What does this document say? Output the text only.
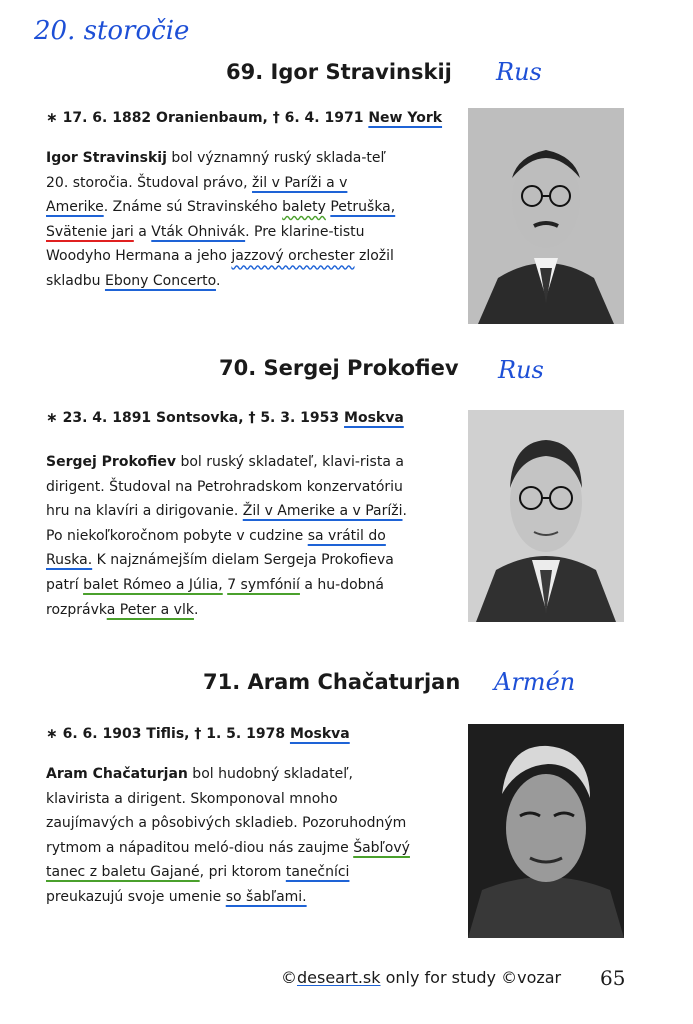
20. storočie
69. Igor Stravinskij Rus
∗ 17. 6. 1882 Oranienbaum, † 6. 4. 1971 New York

Igor Stravinskij bol významný ruský sklada-teľ 20. storočia. Študoval právo, žil v Paríži a v Amerike. Známe sú Stravinského balety Petruška, Svätenie jari a Vták Ohnivák. Pre klarine-tistu Woodyho Hermana a jeho jazzový orchester zložil skladbu Ebony Concerto.

70. Sergej Prokofiev Rus
∗ 23. 4. 1891 Sontsovka, † 5. 3. 1953 Moskva

Sergej Prokofiev bol ruský skladateľ, klavi-rista a dirigent. Študoval na Petrohradskom konzervatóriu hru na klavíri a dirigovanie. Žil v Amerike a v Paríži. Po niekoľkoročnom pobyte v cudzine sa vrátil do Ruska. K najznámejším dielam Sergeja Prokofieva patrí balet Rómeo a Júlia, 7 symfónií a hu-dobná rozprávka Peter a vlk.

71. Aram Chačaturjan Armén
∗ 6. 6. 1903 Tiflis, † 1. 5. 1978 Moskva

Aram Chačaturjan bol hudobný skladateľ, klavirista a dirigent. Skomponoval mnoho zaujímavých a pôsobivých skladieb. Pozoruhodným rytmom a nápaditou meló-diou nás zaujme Šabľový tanec z baletu Gajané, pri ktorom tanečníci preukazujú svoje umenie so šabľami.

©deseart.sk only for study ©vozar 65
